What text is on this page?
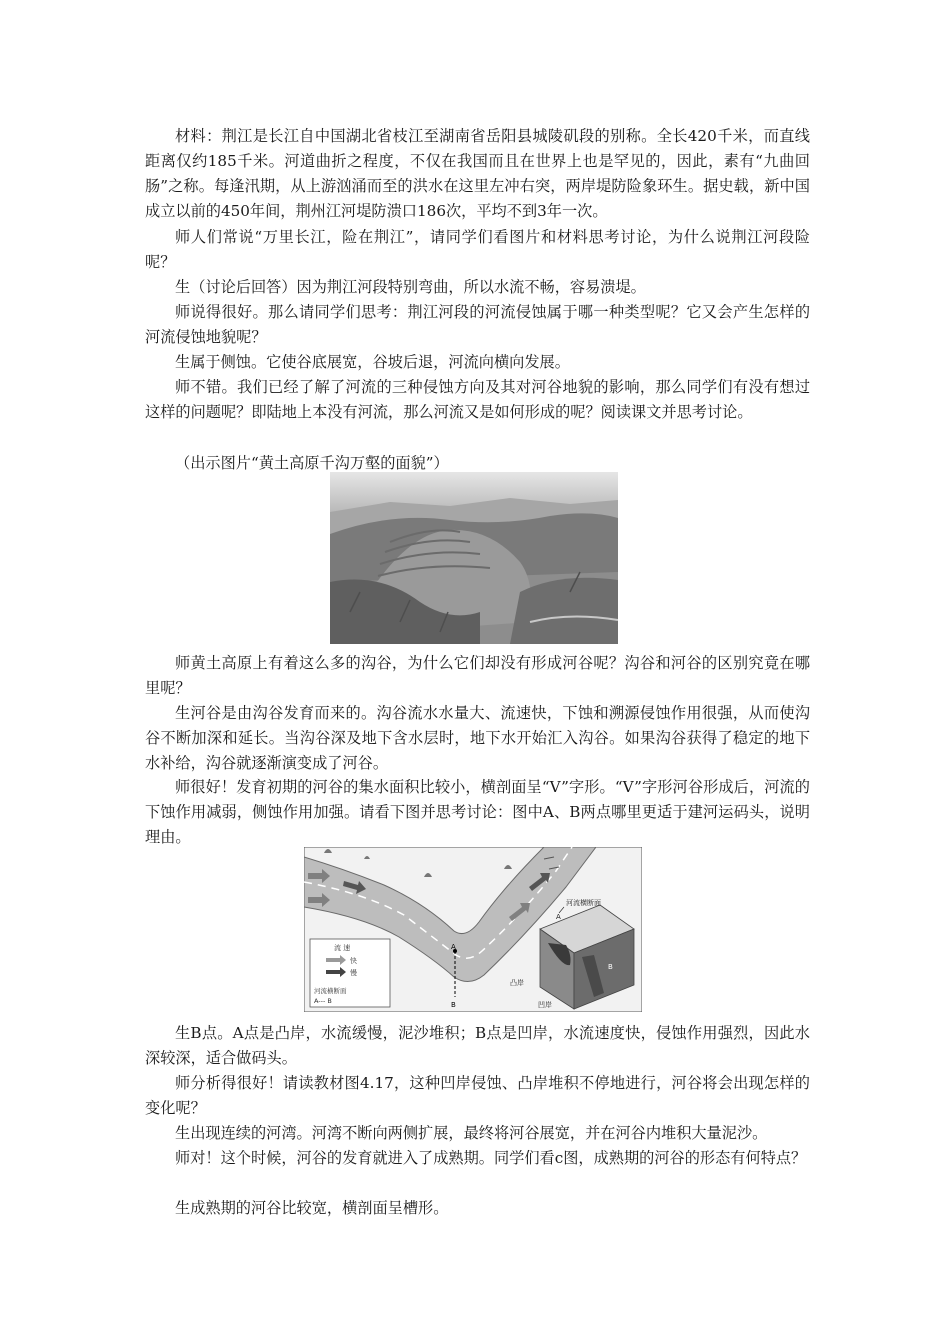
材料：荆江是长江自中国湖北省枝江至湖南省岳阳县城陵矶段的别称。全长420千米，而直线距离仅约185千米。河道曲折之程度，不仅在我国而且在世界上也是罕见的，因此，素有“九曲回肠”之称。每逢汛期，从上游汹涌而至的洪水在这里左冲右突，两岸堤防险象环生。据史载，新中国成立以前的450年间，荆州江河堤防溃口186次，平均不到3年一次。

师人们常说“万里长江，险在荆江”，请同学们看图片和材料思考讨论，为什么说荆江河段险呢？

生（讨论后回答）因为荆江河段特别弯曲，所以水流不畅，容易溃堤。

师说得很好。那么请同学们思考：荆江河段的河流侵蚀属于哪一种类型呢？它又会产生怎样的河流侵蚀地貌呢？

生属于侧蚀。它使谷底展宽，谷坡后退，河流向横向发展。

师不错。我们已经了解了河流的三种侵蚀方向及其对河谷地貌的影响，那么同学们有没有想过这样的问题呢？即陆地上本没有河流，那么河流又是如何形成的呢？阅读课文并思考讨论。

（出示图片“黄土高原千沟万壑的面貌”）

师黄土高原上有着这么多的沟谷，为什么它们却没有形成河谷呢？沟谷和河谷的区别究竟在哪里呢？

生河谷是由沟谷发育而来的。沟谷流水水量大、流速快，下蚀和溯源侵蚀作用很强，从而使沟谷不断加深和延长。当沟谷深及地下含水层时，地下水开始汇入沟谷。如果沟谷获得了稳定的地下水补给，沟谷就逐渐演变成了河谷。

师很好！发育初期的河谷的集水面积比较小，横剖面呈“V”字形。“V”字形河谷形成后，河流的下蚀作用减弱，侧蚀作用加强。请看下图并思考讨论：图中A、B两点哪里更适于建河运码头，说明理由。

A
B
流 速
快
慢
河流横断面
A--- B
河流横断面
A
B
凸岸
凹岸

生B点。A点是凸岸，水流缓慢，泥沙堆积；B点是凹岸，水流速度快，侵蚀作用强烈，因此水深较深，适合做码头。

师分析得很好！请读教材图4.17，这种凹岸侵蚀、凸岸堆积不停地进行，河谷将会出现怎样的变化呢？

生出现连续的河湾。河湾不断向两侧扩展，最终将河谷展宽，并在河谷内堆积大量泥沙。

师对！这个时候，河谷的发育就进入了成熟期。同学们看c图，成熟期的河谷的形态有何特点？

生成熟期的河谷比较宽，横剖面呈槽形。
